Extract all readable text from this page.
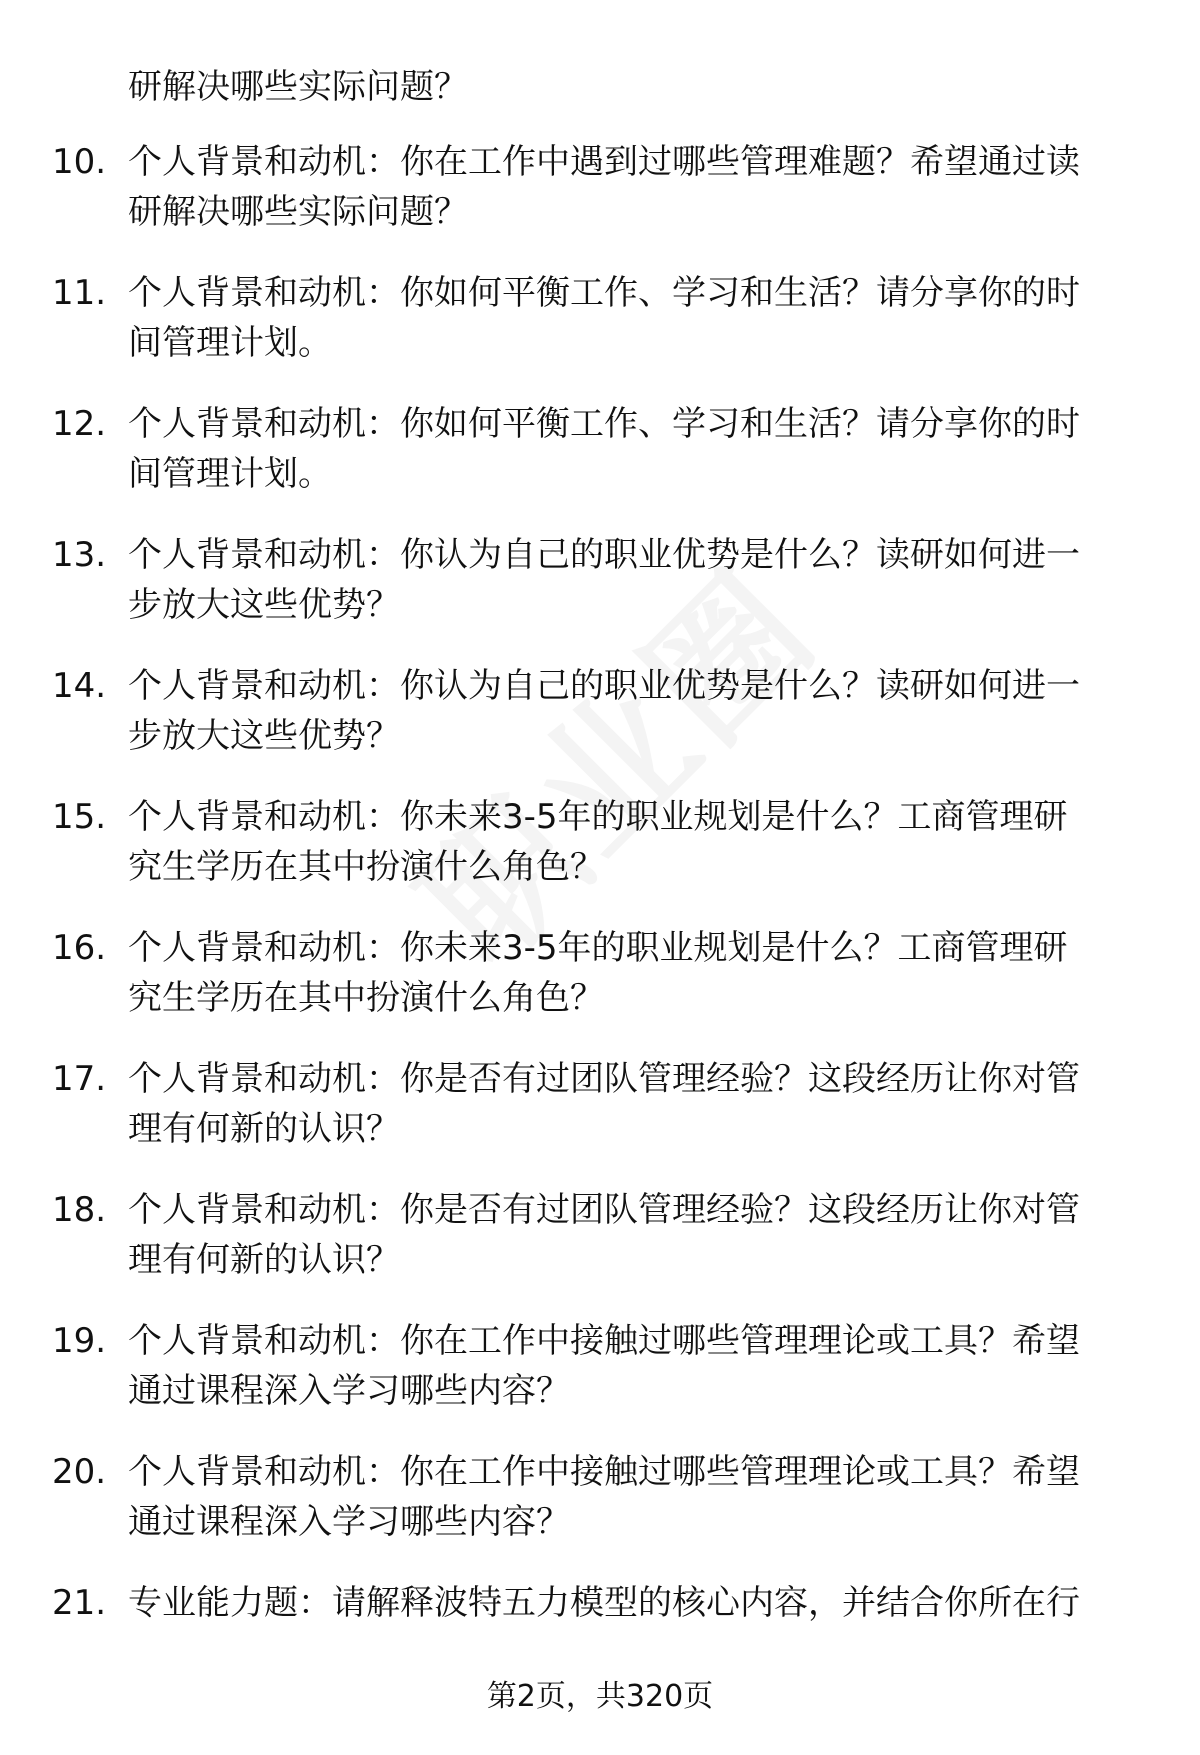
研解决哪些实际问题？
10. 个人背景和动机：你在工作中遇到过哪些管理难题？希望通过读
研解决哪些实际问题？
11. 个人背景和动机：你如何平衡工作、学习和生活？请分享你的时
间管理计划。
12. 个人背景和动机：你如何平衡工作、学习和生活？请分享你的时
间管理计划。
13. 个人背景和动机：你认为自己的职业优势是什么？读研如何进一
步放大这些优势？
14. 个人背景和动机：你认为自己的职业优势是什么？读研如何进一
步放大这些优势？
15. 个人背景和动机：你未来3-5年的职业规划是什么？工商管理研
究生学历在其中扮演什么角色？
16. 个人背景和动机：你未来3-5年的职业规划是什么？工商管理研
究生学历在其中扮演什么角色？
17. 个人背景和动机：你是否有过团队管理经验？这段经历让你对管
理有何新的认识？
18. 个人背景和动机：你是否有过团队管理经验？这段经历让你对管
理有何新的认识？
19. 个人背景和动机：你在工作中接触过哪些管理理论或工具？希望
通过课程深入学习哪些内容？
20. 个人背景和动机：你在工作中接触过哪些管理理论或工具？希望
通过课程深入学习哪些内容？
21. 专业能力题：请解释波特五力模型的核心内容，并结合你所在行
第2页，共320页
